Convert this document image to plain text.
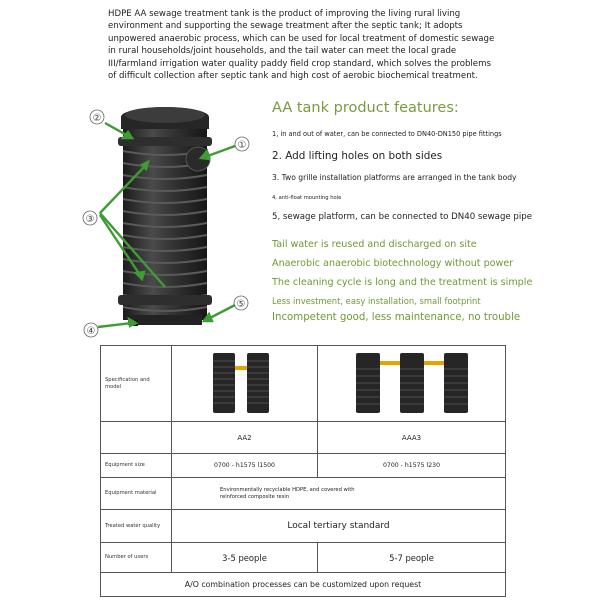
HDPE AA sewage treatment tank is the product of improving the living rural living environment and supporting the sewage treatment after the septic tank; It adopts unpowered anaerobic process, which can be used for local treatment of domestic sewage in rural households/joint households, and the tail water can meet the local grade III/farmland irrigation water quality paddy field crop standard, which solves the problems of difficult collection after septic tank and high cost of aerobic biochemical treatment.

②
①
③
④
⑤
AA tank product features:

1, in and out of water, can be connected to DN40-DN150 pipe fittings

2. Add lifting holes on both sides

3. Two grille installation platforms are arranged in the tank body

4, anti-float mounting hole

5, sewage platform, can be connected to DN40 sewage pipe

Tail water is reused and discharged on site

Anaerobic anaerobic biotechnology without power

The cleaning cycle is long and the treatment is simple

Less investment, easy installation, small footprint

Incompetent good, less maintenance, no trouble

Specification and model		
	AA2	AAA3
Equipment size	0700 - h1575 l1500	0700 - h1575 l230
Equipment material	Environmentally recyclable HDPE, and covered with reinforced composite resin	

Treated water quality	Local tertiary standard	
Number of users	3-5 people	5-7 people
A/O combination processes can be customized upon request		
